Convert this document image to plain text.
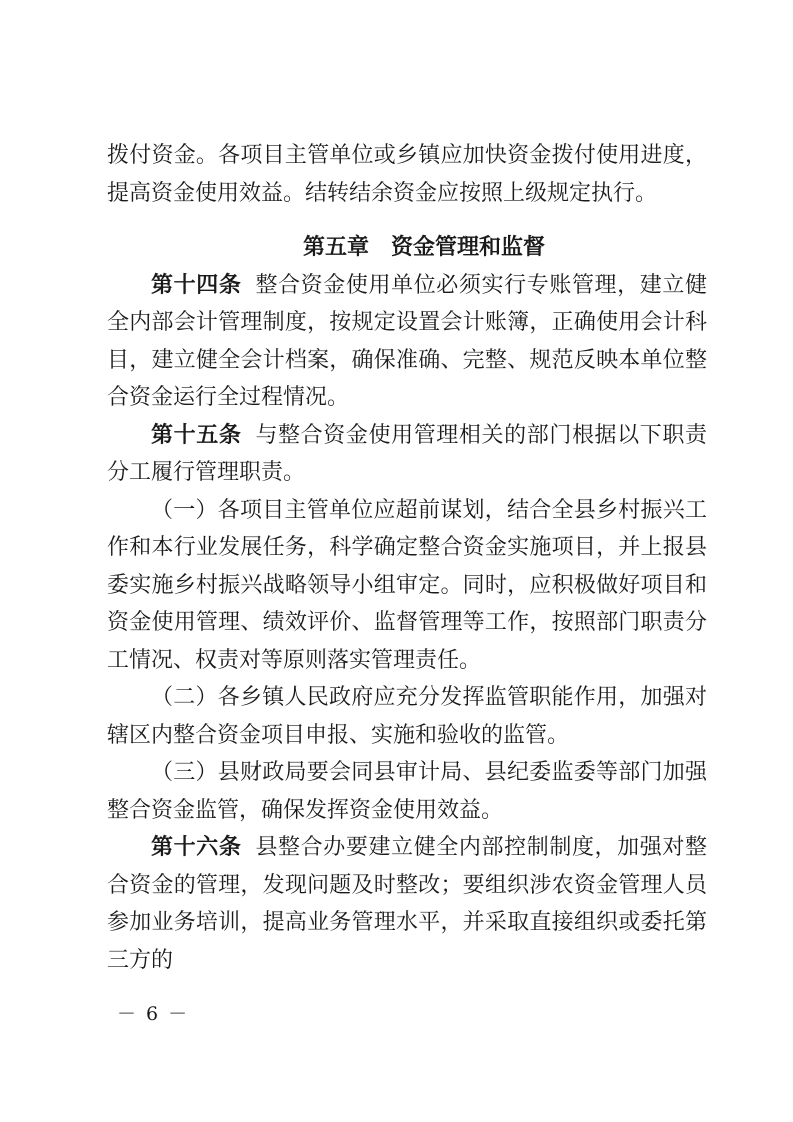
拨付资金。各项目主管单位或乡镇应加快资金拨付使用进度，提高资金使用效益。结转结余资金应按照上级规定执行。

第五章　资金管理和监督

第十四条 整合资金使用单位必须实行专账管理，建立健全内部会计管理制度，按规定设置会计账簿，正确使用会计科目，建立健全会计档案，确保准确、完整、规范反映本单位整合资金运行全过程情况。

第十五条 与整合资金使用管理相关的部门根据以下职责分工履行管理职责。

（一）各项目主管单位应超前谋划，结合全县乡村振兴工作和本行业发展任务，科学确定整合资金实施项目，并上报县委实施乡村振兴战略领导小组审定。同时，应积极做好项目和资金使用管理、绩效评价、监督管理等工作，按照部门职责分工情况、权责对等原则落实管理责任。

（二）各乡镇人民政府应充分发挥监管职能作用，加强对辖区内整合资金项目申报、实施和验收的监管。

（三）县财政局要会同县审计局、县纪委监委等部门加强整合资金监管，确保发挥资金使用效益。

第十六条 县整合办要建立健全内部控制制度，加强对整合资金的管理，发现问题及时整改；要组织涉农资金管理人员参加业务培训，提高业务管理水平，并采取直接组织或委托第三方的

－ 6 －
